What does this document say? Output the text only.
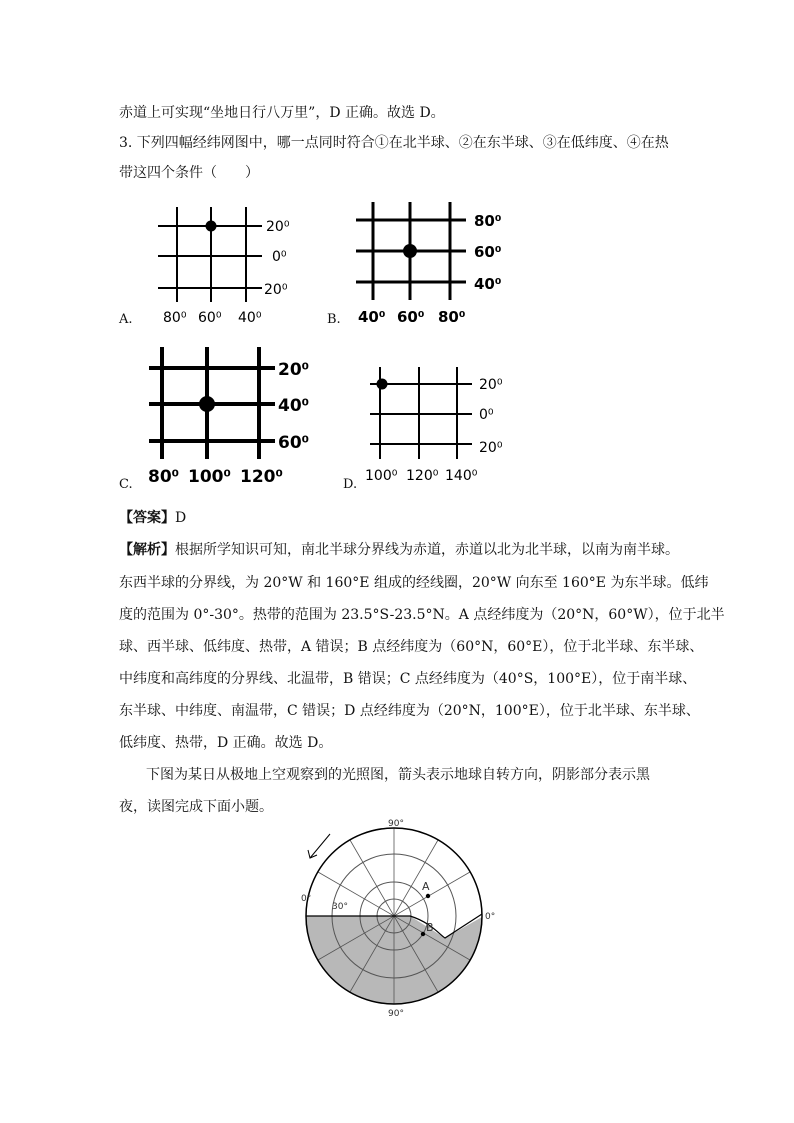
赤道上可实现“坐地日行八万里”，D 正确。故选 D。
3. 下列四幅经纬网图中，哪一点同时符合①在北半球、②在东半球、③在低纬度、④在热
带这四个条件（　　）
A.	B.
C.	D.
20⁰
0⁰
20⁰
80⁰ 60⁰ 40⁰
80⁰
60⁰
40⁰
40⁰ 60⁰ 80⁰
20⁰
40⁰
60⁰
80⁰ 100⁰ 120⁰
20⁰
0⁰
20⁰
100⁰ 120⁰ 140⁰
【答案】D
【解析】根据所学知识可知，南北半球分界线为赤道，赤道以北为北半球，以南为南半球。
东西半球的分界线，为 20°W 和 160°E 组成的经线圈，20°W 向东至 160°E 为东半球。低纬
度的范围为 0°-30°。热带的范围为 23.5°S-23.5°N。A 点经纬度为（20°N，60°W），位于北半
球、西半球、低纬度、热带，A 错误；B 点经纬度为（60°N，60°E），位于北半球、东半球、
中纬度和高纬度的分界线、北温带，B 错误；C 点经纬度为（40°S，100°E），位于南半球、
东半球、中纬度、南温带，C 错误；D 点经纬度为（20°N，100°E），位于北半球、东半球、
低纬度、热带，D 正确。故选 D。
下图为某日从极地上空观察到的光照图，箭头表示地球自转方向，阴影部分表示黑
夜，读图完成下面小题。
A
B
90°
90°
0°
0°
30°
